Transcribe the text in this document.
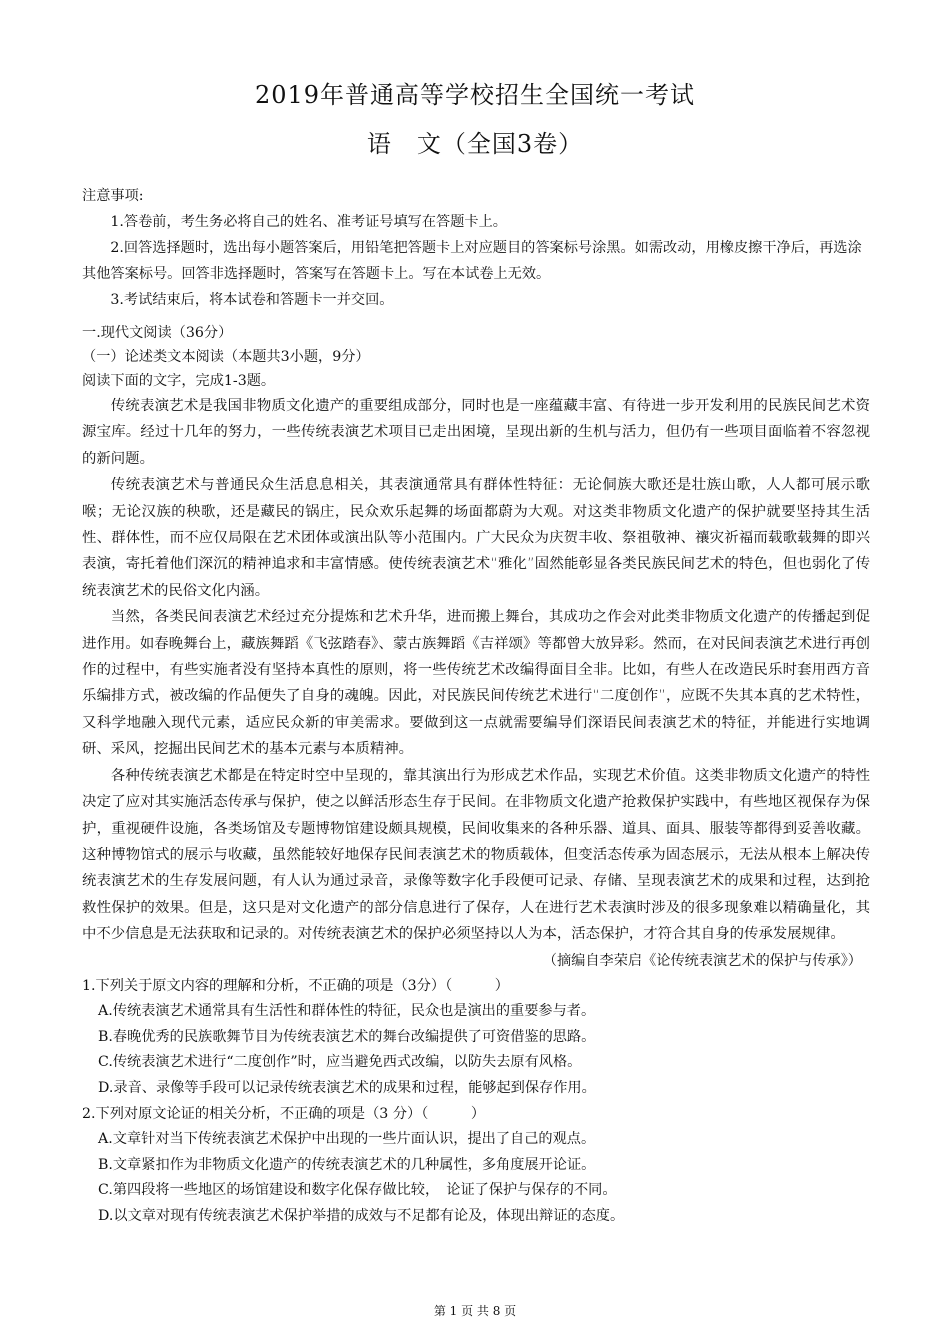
2019年普通高等学校招生全国统一考试
语　文（全国3卷）

注意事项:

1.答卷前，考生务必将自己的姓名、准考证号填写在答题卡上。

2.回答选择题时，选出每小题答案后，用铅笔把答题卡上对应题目的答案标号涂黑。如需改动，用橡皮擦干净后，再选涂其他答案标号。回答非选择题时，答案写在答题卡上。写在本试卷上无效。

3.考试结束后，将本试卷和答题卡一并交回。

一.现代文阅读（36分）

（一）论述类文本阅读（本题共3小题，9分）

阅读下面的文字，完成1-3题。

传统表演艺术是我国非物质文化遗产的重要组成部分，同时也是一座蕴藏丰富、有待进一步开发利用的民族民间艺术资源宝库。经过十几年的努力，一些传统表演艺术项目已走出困境，呈现出新的生机与活力，但仍有一些项目面临着不容忽视的新问题。

传统表演艺术与普通民众生活息息相关，其表演通常具有群体性特征：无论侗族大歌还是壮族山歌，人人都可展示歌喉；无论汉族的秧歌，还是藏民的锅庄，民众欢乐起舞的场面都蔚为大观。对这类非物质文化遗产的保护就要坚持其生活性、群体性，而不应仅局限在艺术团体或演出队等小范围内。广大民众为庆贺丰收、祭祖敬神、禳灾祈福而载歌载舞的即兴表演，寄托着他们深沉的精神追求和丰富情感。使传统表演艺术“雅化”固然能彰显各类民族民间艺术的特色，但也弱化了传统表演艺术的民俗文化内涵。

当然，各类民间表演艺术经过充分提炼和艺术升华，进而搬上舞台，其成功之作会对此类非物质文化遗产的传播起到促进作用。如春晚舞台上，藏族舞蹈《飞弦踏春》、蒙古族舞蹈《吉祥颂》等都曾大放异彩。然而，在对民间表演艺术进行再创作的过程中，有些实施者没有坚持本真性的原则，将一些传统艺术改编得面目全非。比如，有些人在改造民乐时套用西方音乐编排方式，被改编的作品便失了自身的魂魄。因此，对民族民间传统艺术进行“二度创作”，应既不失其本真的艺术特性，又科学地融入现代元素，适应民众新的审美需求。要做到这一点就需要编导们深语民间表演艺术的特征，并能进行实地调研、采风，挖掘出民间艺术的基本元素与本质精神。

各种传统表演艺术都是在特定时空中呈现的，靠其演出行为形成艺术作品，实现艺术价值。这类非物质文化遗产的特性决定了应对其实施活态传承与保护，使之以鲜活形态生存于民间。在非物质文化遗产抢救保护实践中，有些地区视保存为保护，重视硬件设施，各类场馆及专题博物馆建设颇具规模，民间收集来的各种乐器、道具、面具、服装等都得到妥善收藏。这种博物馆式的展示与收藏，虽然能较好地保存民间表演艺术的物质载体，但变活态传承为固态展示，无法从根本上解决传统表演艺术的生存发展问题，有人认为通过录音，录像等数字化手段便可记录、存储、呈现表演艺术的成果和过程，达到抢救性保护的效果。但是，这只是对文化遗产的部分信息进行了保存，人在进行艺术表演时涉及的很多现象难以精确量化，其中不少信息是无法获取和记录的。对传统表演艺术的保护必须坚持以人为本，活态保护，才符合其自身的传承发展规律。

（摘编自李荣启《论传统表演艺术的保护与传承》）

1.下列关于原文内容的理解和分析，不正确的项是（3分）（　　　）

A.传统表演艺术通常具有生活性和群体性的特征，民众也是演出的重要参与者。

B.春晚优秀的民族歌舞节目为传统表演艺术的舞台改编提供了可资借鉴的思路。

C.传统表演艺术进行“二度创作”时，应当避免西式改编，以防失去原有风格。

D.录音、录像等手段可以记录传统表演艺术的成果和过程，能够起到保存作用。

2.下列对原文论证的相关分析，不正确的项是（3 分）（　　　）

A.文章针对当下传统表演艺术保护中出现的一些片面认识，提出了自己的观点。

B.文章紧扣作为非物质文化遗产的传统表演艺术的几种属性，多角度展开论证。

C.第四段将一些地区的场馆建设和数字化保存做比较，　论证了保护与保存的不同。

D.以文章对现有传统表演艺术保护举措的成效与不足都有论及，体现出辩证的态度。

第 1 页 共 8 页
